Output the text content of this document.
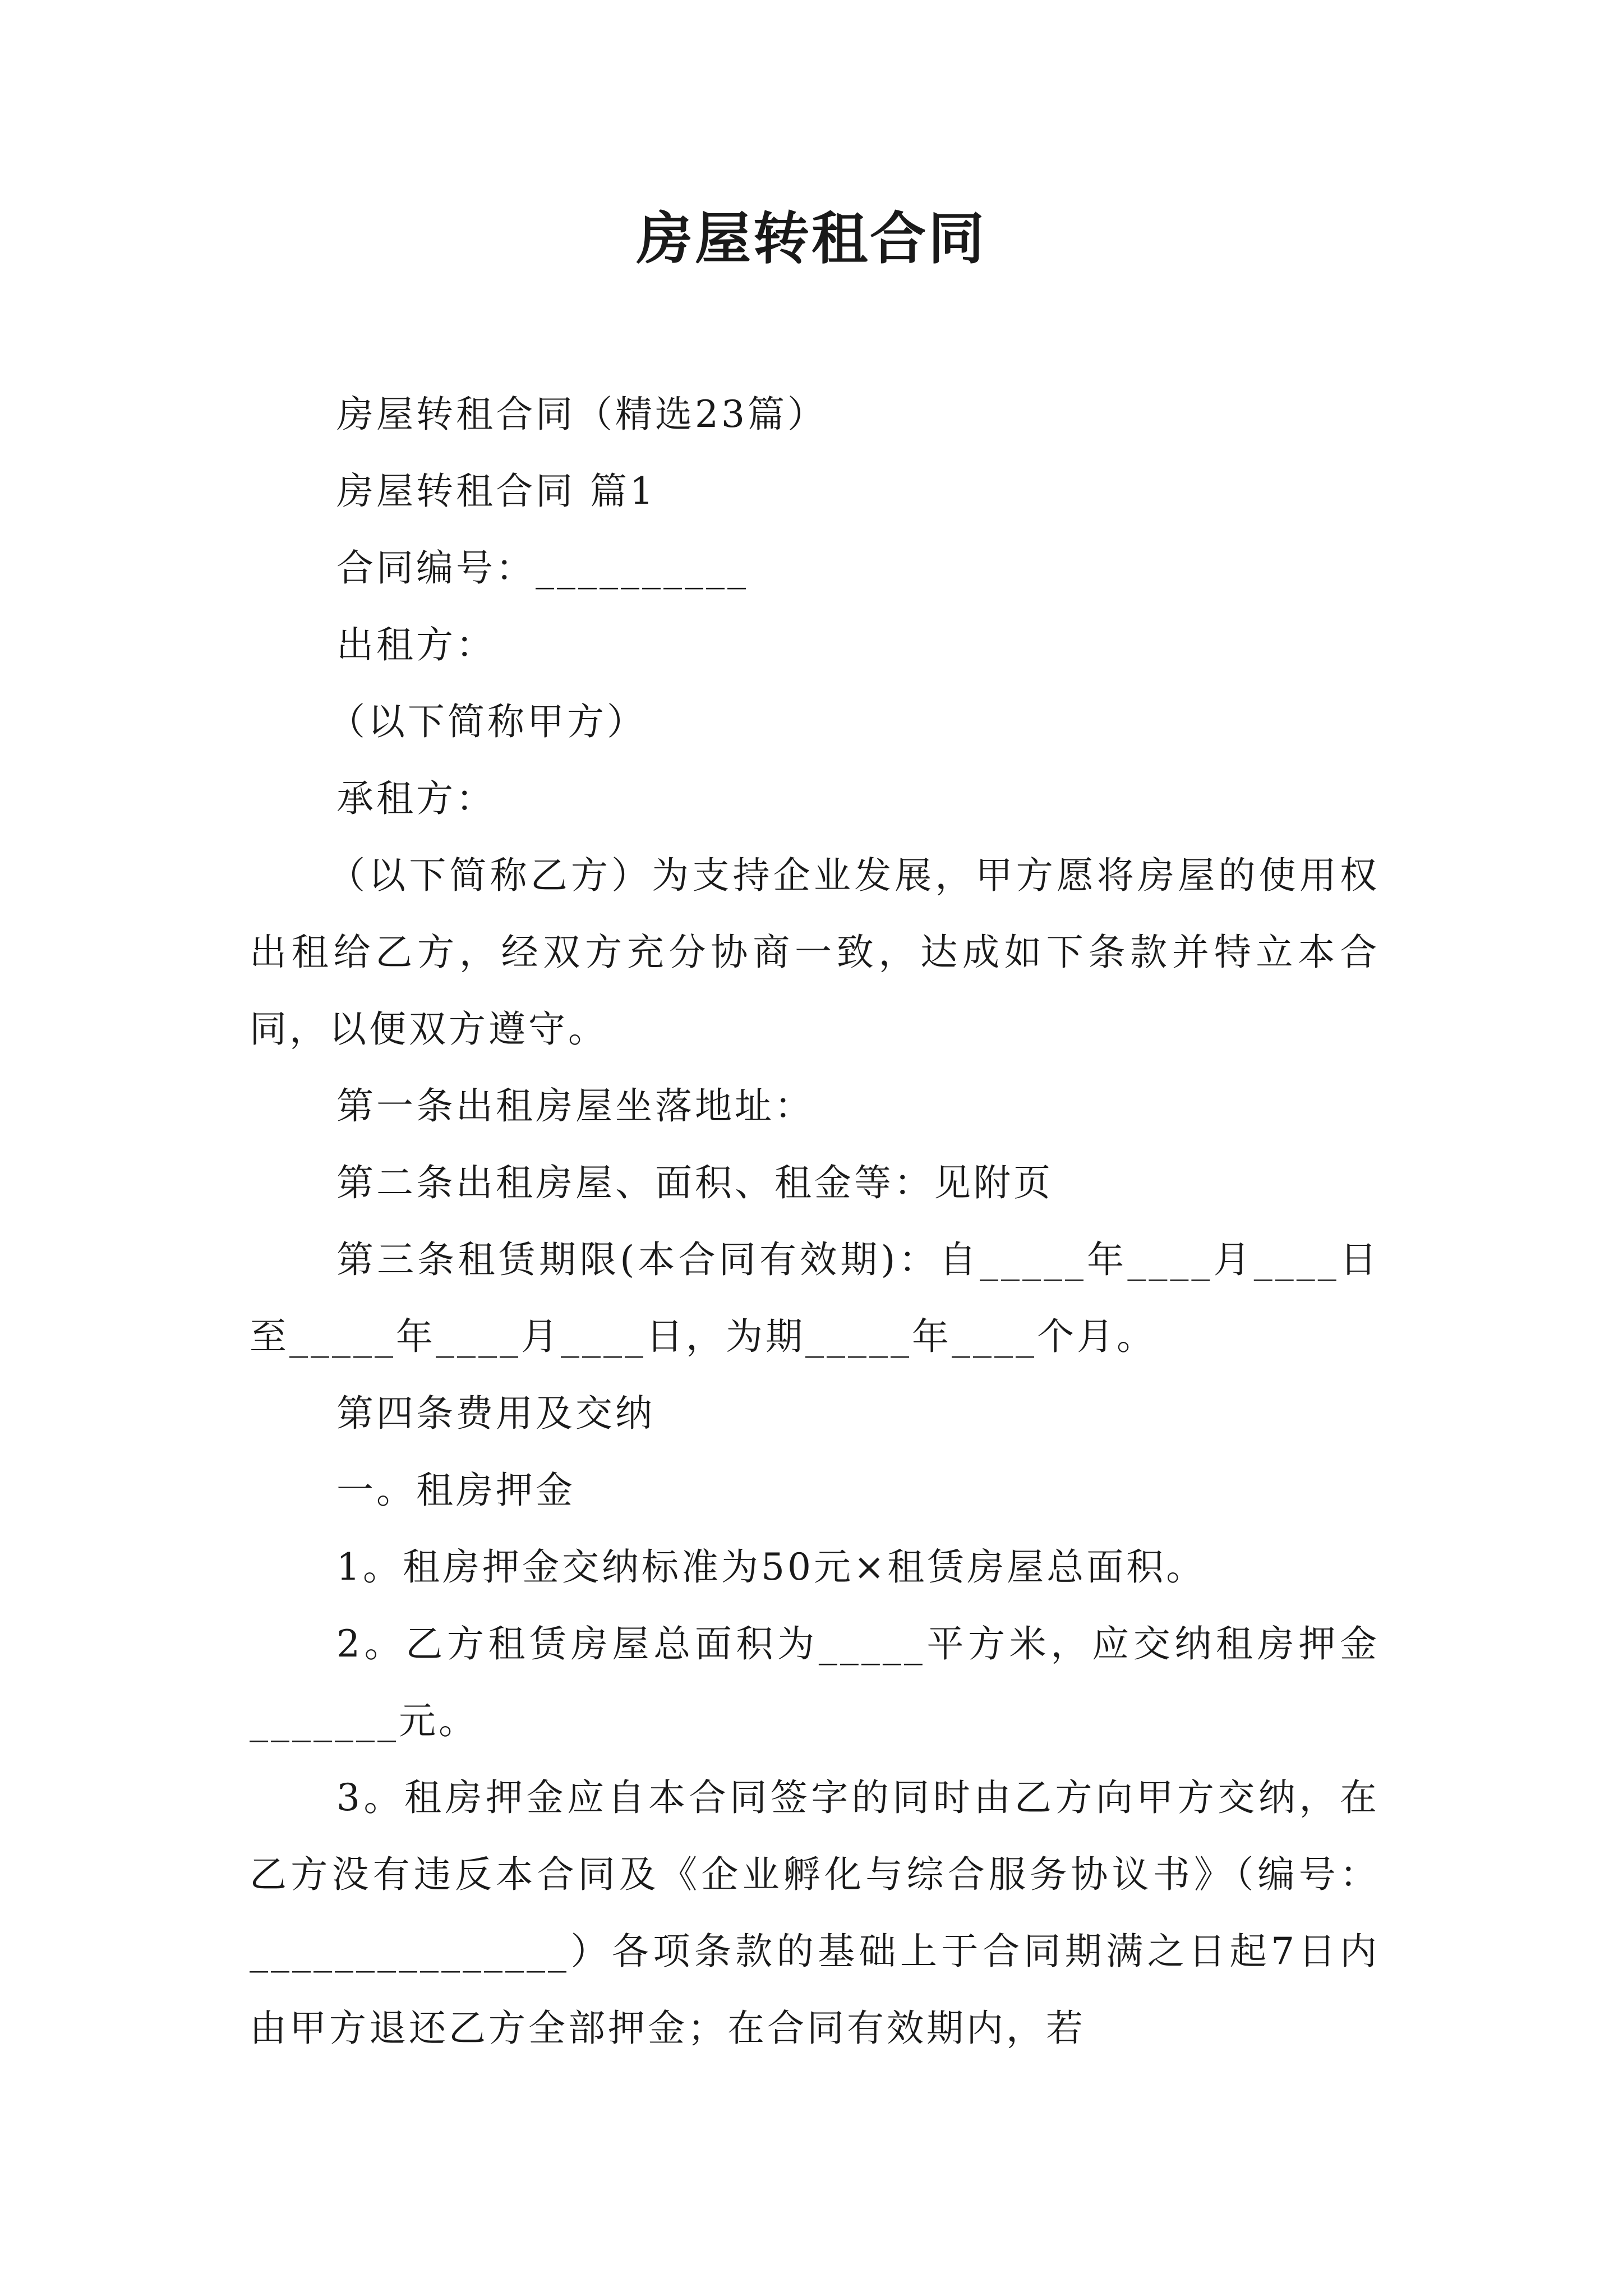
房屋转租合同

房屋转租合同（精选23篇）

房屋转租合同 篇1

合同编号：__________

出租方：

（以下简称甲方）

承租方：

（以下简称乙方）为支持企业发展，甲方愿将房屋的使用权出租给乙方，经双方充分协商一致，达成如下条款并特立本合同，以便双方遵守。

第一条出租房屋坐落地址：

第二条出租房屋、面积、租金等：见附页

第三条租赁期限(本合同有效期)：自_____年____月____日至_____年____月____日，为期_____年____个月。

第四条费用及交纳

一。租房押金

1。租房押金交纳标准为50元×租赁房屋总面积。

2。乙方租赁房屋总面积为_____平方米，应交纳租房押金_______元。

3。租房押金应自本合同签字的同时由乙方向甲方交纳，在乙方没有违反本合同及《企业孵化与综合服务协议书》（编号：_______________）各项条款的基础上于合同期满之日起7日内由甲方退还乙方全部押金；在合同有效期内，若
